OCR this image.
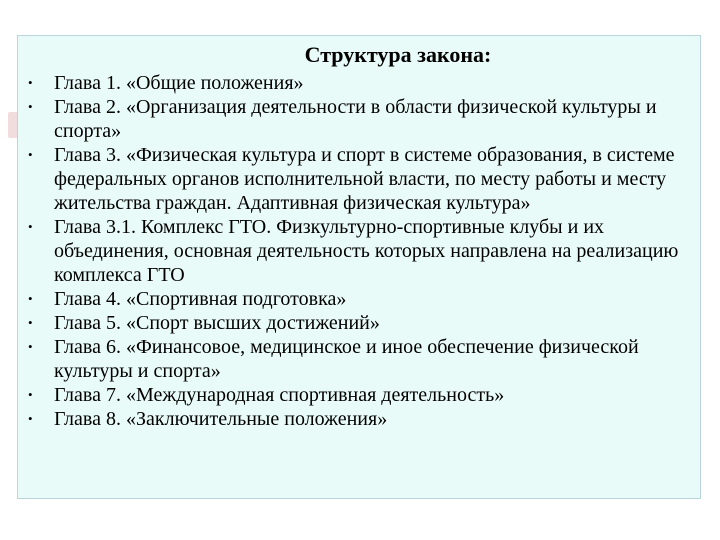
Структура закона:
• Глава 1. «Общие положения»
• Глава 2. «Организация деятельности в области физической культуры и спорта»
• Глава 3. «Физическая культура и спорт в системе образования, в системе федеральных органов исполнительной власти, по месту работы и месту жительства граждан. Адаптивная физическая культура»
• Глава 3.1. Комплекс ГТО. Физкультурно-спортивные клубы и их объединения, основная деятельность которых направлена на реализацию комплекса ГТО
• Глава 4. «Спортивная подготовка»
• Глава 5. «Спорт высших достижений»
• Глава 6. «Финансовое, медицинское и иное обеспечение физической культуры и спорта»
• Глава 7. «Международная спортивная деятельность»
• Глава 8. «Заключительные положения»
